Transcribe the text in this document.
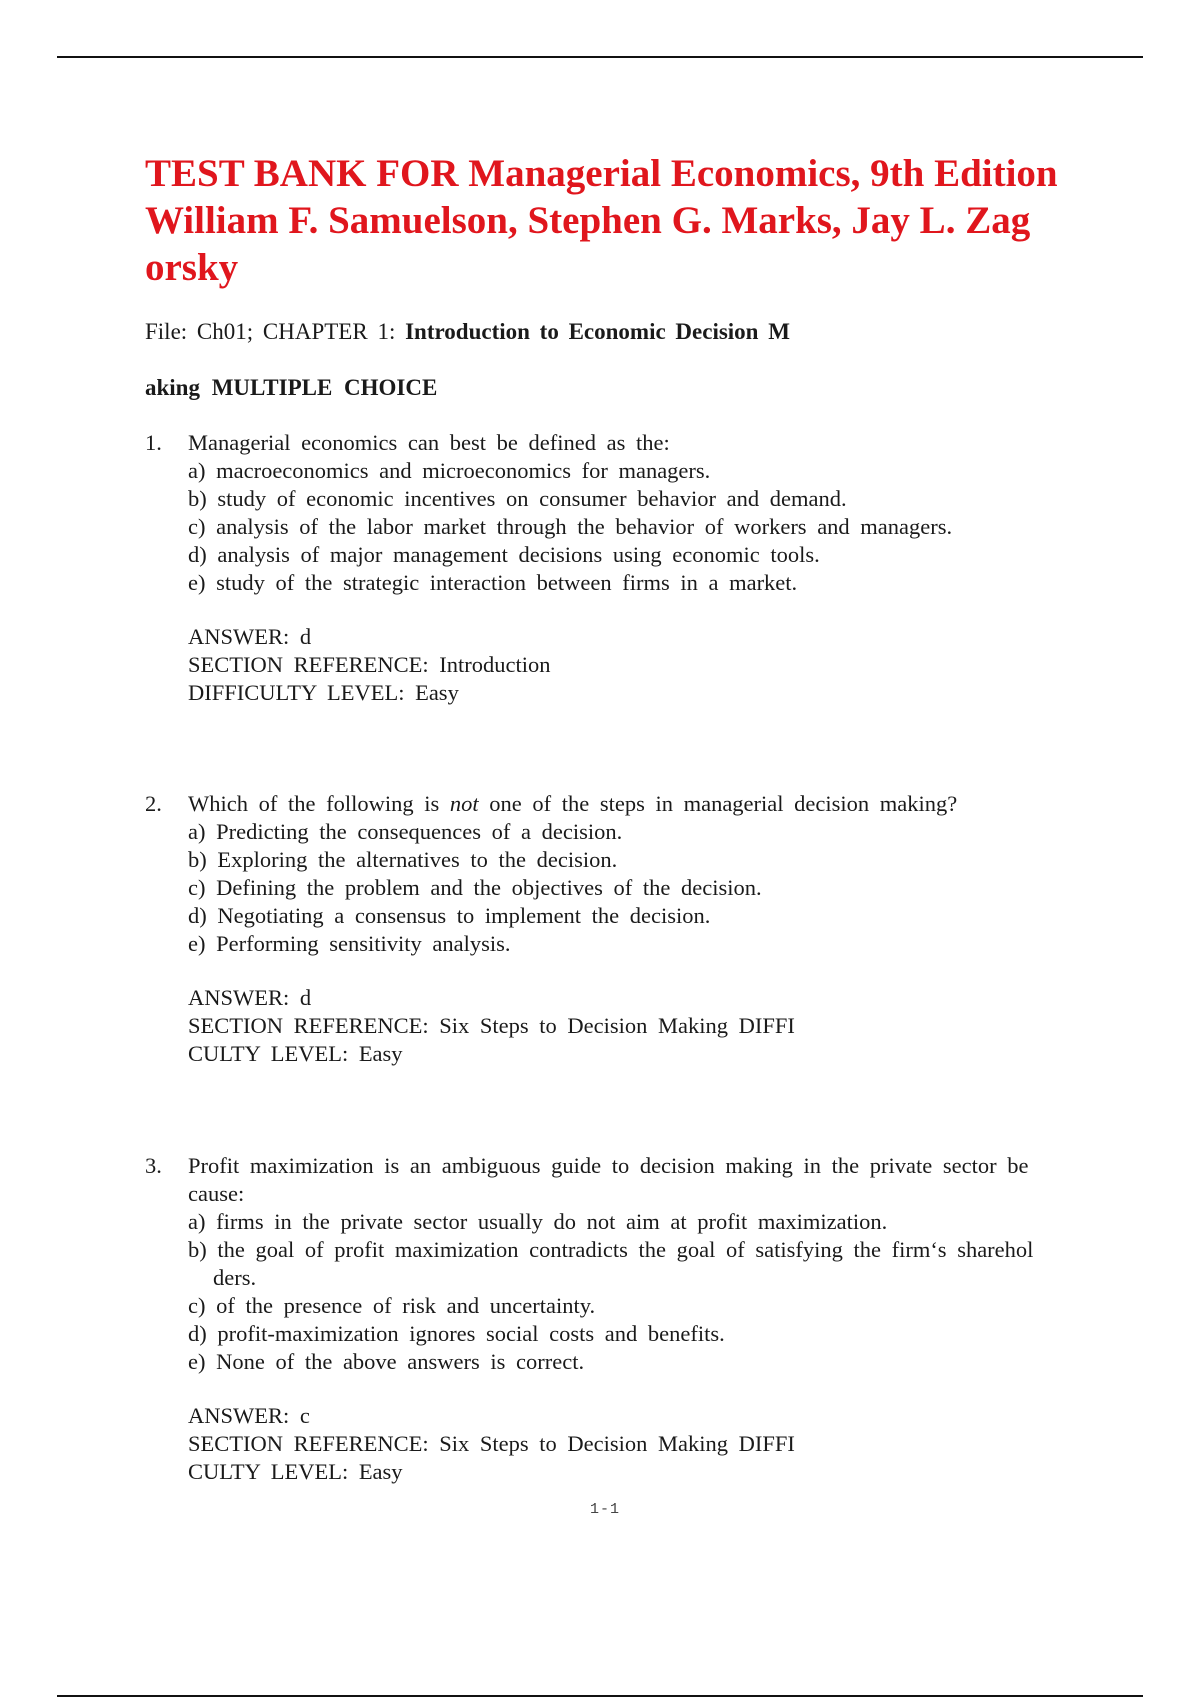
TEST BANK FOR Managerial Economics, 9th Edition
William F. Samuelson, Stephen G. Marks, Jay L. Zag
orsky
File: Ch01; CHAPTER 1: Introduction to Economic Decision M
aking MULTIPLE CHOICE
1. Managerial economics can best be defined as the:
a) macroeconomics and microeconomics for managers.
b) study of economic incentives on consumer behavior and demand.
c) analysis of the labor market through the behavior of workers and managers.
d) analysis of major management decisions using economic tools.
e) study of the strategic interaction between firms in a market.
ANSWER: d
SECTION REFERENCE: Introduction
DIFFICULTY LEVEL: Easy
2. Which of the following is not one of the steps in managerial decision making?
a) Predicting the consequences of a decision.
b) Exploring the alternatives to the decision.
c) Defining the problem and the objectives of the decision.
d) Negotiating a consensus to implement the decision.
e) Performing sensitivity analysis.
ANSWER: d
SECTION REFERENCE: Six Steps to Decision Making DIFFI
CULTY LEVEL: Easy
3. Profit maximization is an ambiguous guide to decision making in the private sector be
cause:
a) firms in the private sector usually do not aim at profit maximization.
b) the goal of profit maximization contradicts the goal of satisfying the firm‘s sharehol
ders.
c) of the presence of risk and uncertainty.
d) profit-maximization ignores social costs and benefits.
e) None of the above answers is correct.
ANSWER: c
SECTION REFERENCE: Six Steps to Decision Making DIFFI
CULTY LEVEL: Easy
1-1
